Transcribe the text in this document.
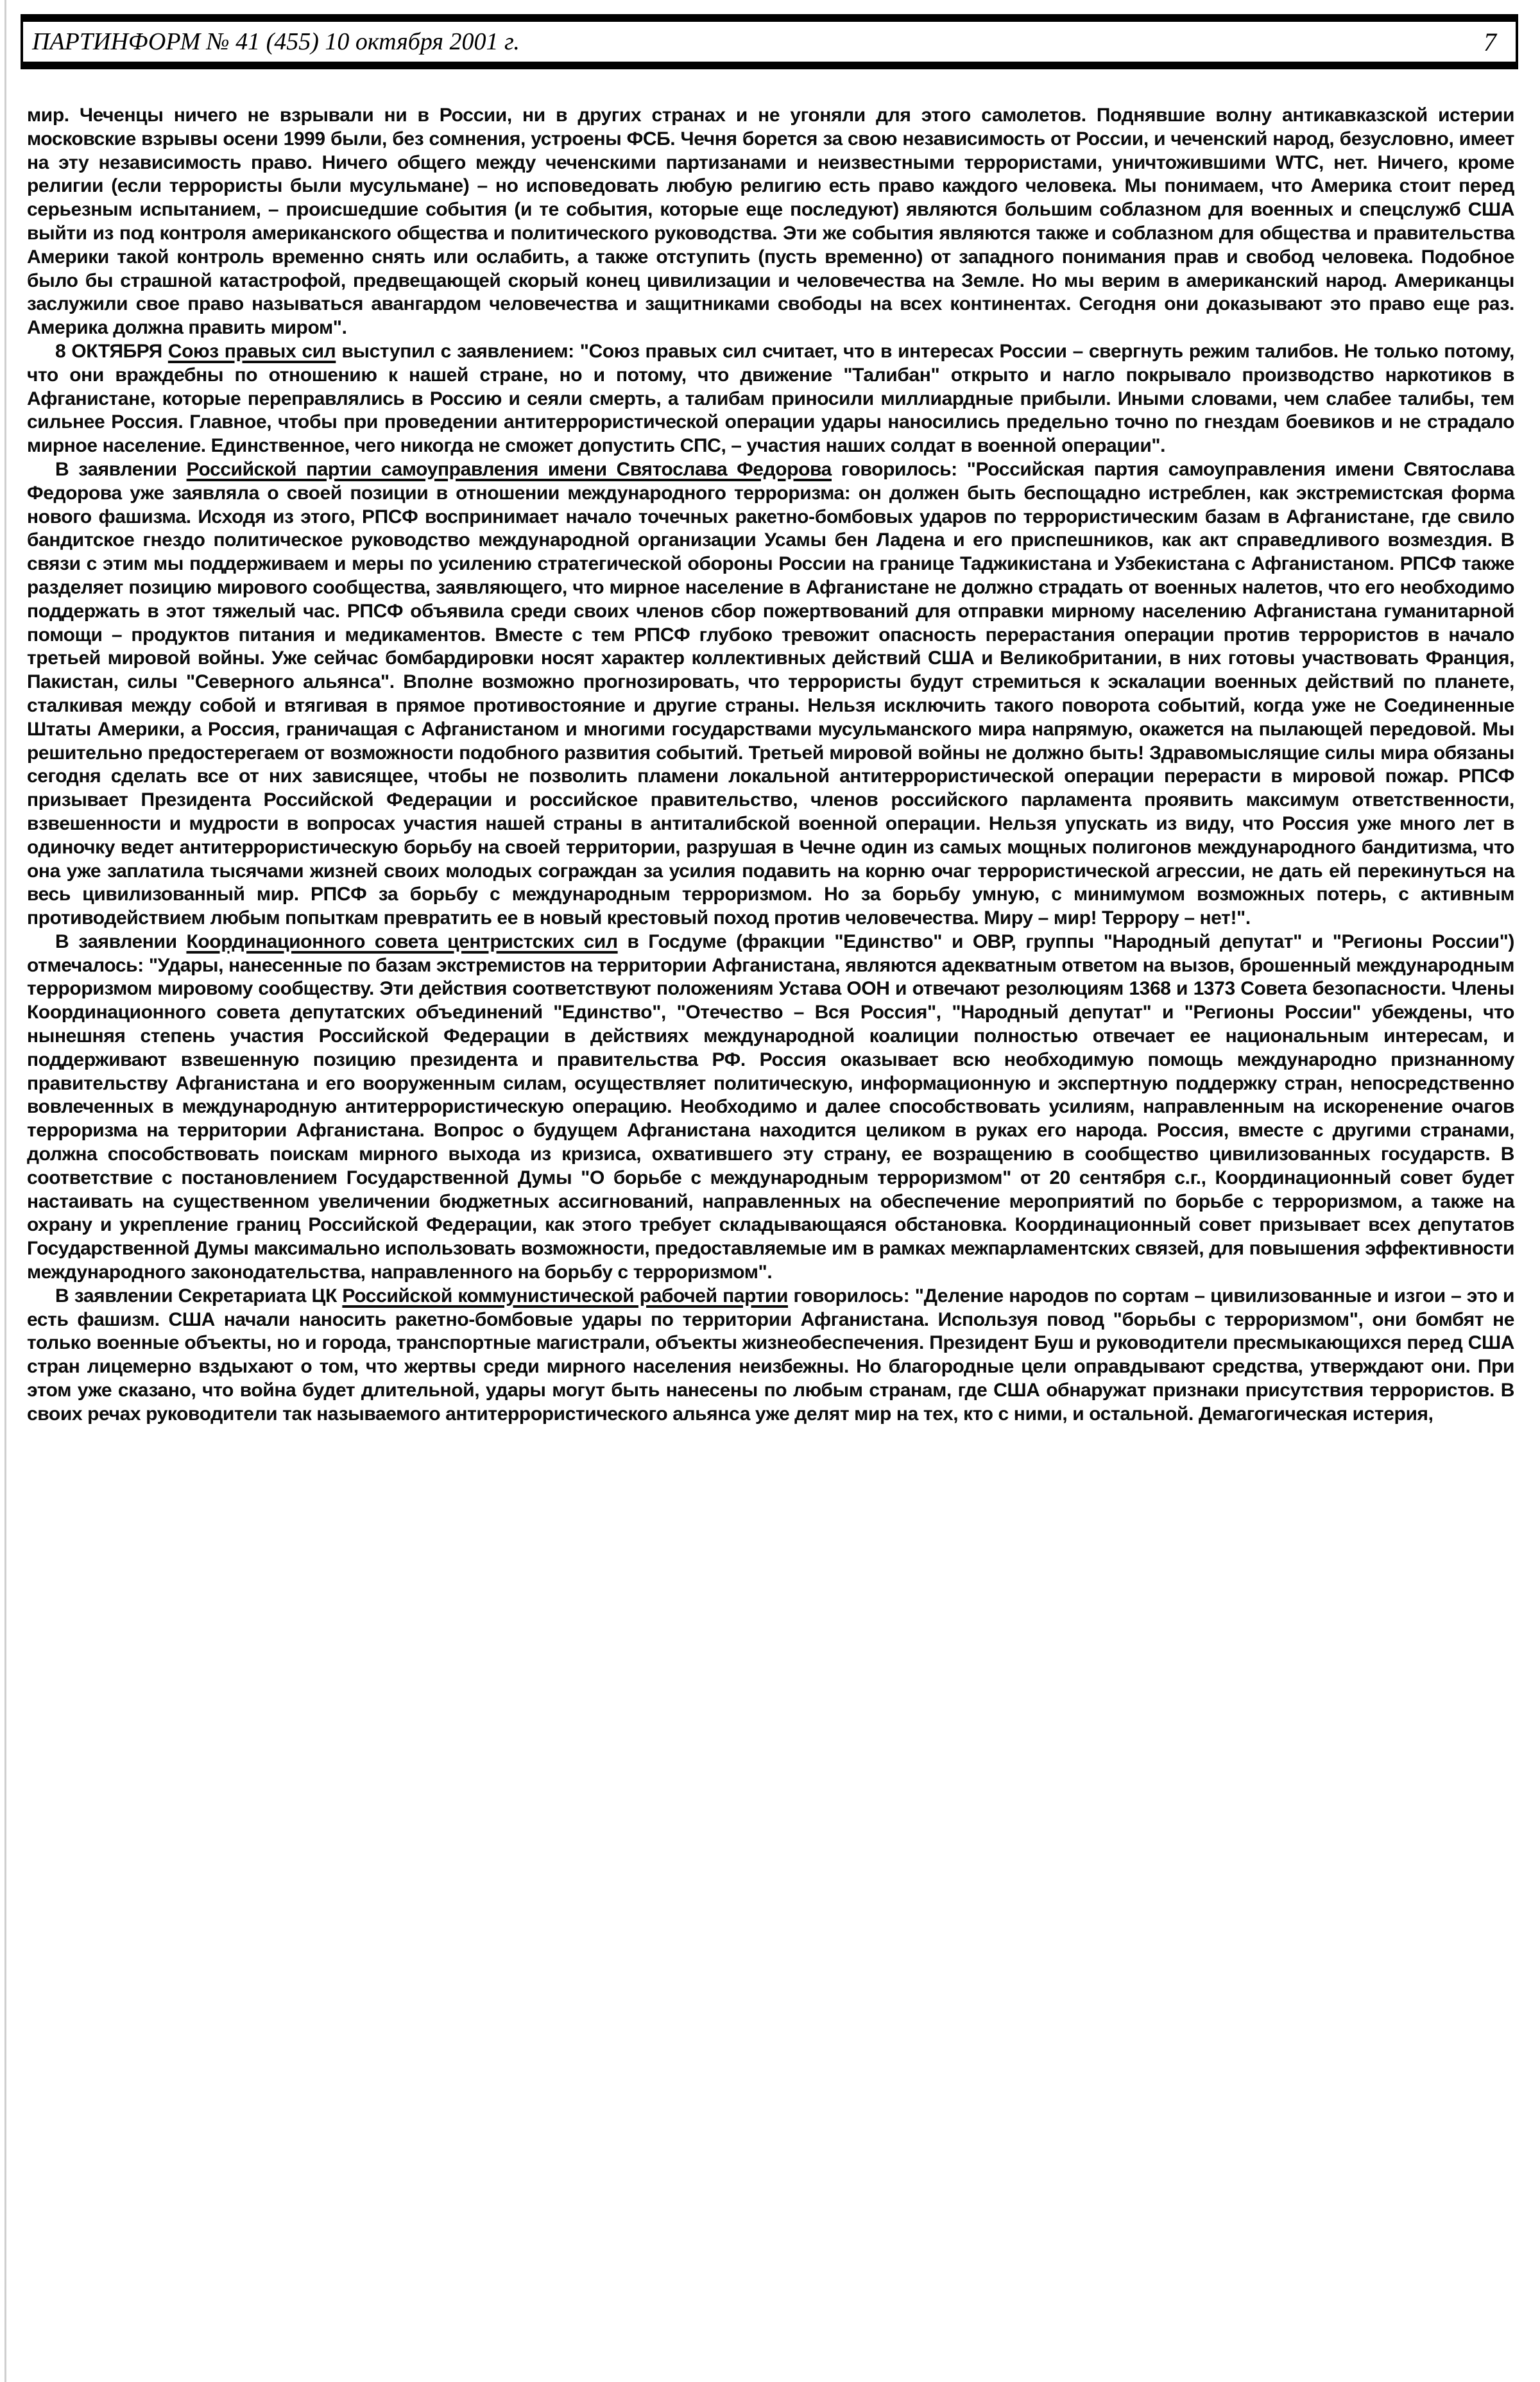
ПАРТИНФОРМ № 41 (455) 10 октября 2001 г.	7

мир. Чеченцы ничего не взрывали ни в России, ни в других странах и не угоняли для этого самолетов. Поднявшие волну антикавказской истерии московские взрывы осени 1999 были, без сомнения, устроены ФСБ. Чечня борется за свою независимость от России, и чеченский народ, безусловно, имеет на эту независимость право. Ничего общего между чеченскими партизанами и неизвестными террористами, уничтожившими WTC, нет. Ничего, кроме религии (если террористы были мусульмане) – но исповедовать любую религию есть право каждого человека. Мы понимаем, что Америка стоит перед серьезным испытанием, – происшедшие события (и те события, которые еще последуют) являются большим соблазном для военных и спецслужб США выйти из под контроля американского общества и политического руководства. Эти же события являются также и соблазном для общества и правительства Америки такой контроль временно снять или ослабить, а также отступить (пусть временно) от западного понимания прав и свобод человека. Подобное было бы страшной катастрофой, предвещающей скорый конец цивилизации и человечества на Земле. Но мы верим в американский народ. Американцы заслужили свое право называться авангардом человечества и защитниками свободы на всех континентах. Сегодня они доказывают это право еще раз. Америка должна править миром".

8 ОКТЯБРЯ Союз правых сил выступил с заявлением: "Союз правых сил считает, что в интересах России – свергнуть режим талибов. Не только потому, что они враждебны по отношению к нашей стране, но и потому, что движение "Талибан" открыто и нагло покрывало производство наркотиков в Афганистане, которые переправлялись в Россию и сеяли смерть, а талибам приносили миллиардные прибыли. Иными словами, чем слабее талибы, тем сильнее Россия. Главное, чтобы при проведении антитеррористической операции удары наносились предельно точно по гнездам боевиков и не страдало мирное население. Единственное, чего никогда не сможет допустить СПС, – участия наших солдат в военной операции".

В заявлении Российской партии самоуправления имени Святослава Федорова говорилось: "Российская партия самоуправления имени Святослава Федорова уже заявляла о своей позиции в отношении международного терроризма: он должен быть беспощадно истреблен, как экстремистская форма нового фашизма. Исходя из этого, РПСФ воспринимает начало точечных ракетно-бомбовых ударов по террористическим базам в Афганистане, где свило бандитское гнездо политическое руководство международной организации Усамы бен Ладена и его приспешников, как акт справедливого возмездия. В связи с этим мы поддерживаем и меры по усилению стратегической обороны России на границе Таджикистана и Узбекистана с Афганистаном. РПСФ также разделяет позицию мирового сообщества, заявляющего, что мирное население в Афганистане не должно страдать от военных налетов, что его необходимо поддержать в этот тяжелый час. РПСФ объявила среди своих членов сбор пожертвований для отправки мирному населению Афганистана гуманитарной помощи – продуктов питания и медикаментов. Вместе с тем РПСФ глубоко тревожит опасность перерастания операции против террористов в начало третьей мировой войны. Уже сейчас бомбардировки носят характер коллективных действий США и Великобритании, в них готовы участвовать Франция, Пакистан, силы "Северного альянса". Вполне возможно прогнозировать, что террористы будут стремиться к эскалации военных действий по планете, сталкивая между собой и втягивая в прямое противостояние и другие страны. Нельзя исключить такого поворота событий, когда уже не Соединенные Штаты Америки, а Россия, граничащая с Афганистаном и многими государствами мусульманского мира напрямую, окажется на пылающей передовой. Мы решительно предостерегаем от возможности подобного развития событий. Третьей мировой войны не должно быть! Здравомыслящие силы мира обязаны сегодня сделать все от них зависящее, чтобы не позволить пламени локальной антитеррористической операции перерасти в мировой пожар. РПСФ призывает Президента Российской Федерации и российское правительство, членов российского парламента проявить максимум ответственности, взвешенности и мудрости в вопросах участия нашей страны в антиталибской военной операции. Нельзя упускать из виду, что Россия уже много лет в одиночку ведет антитеррористическую борьбу на своей территории, разрушая в Чечне один из самых мощных полигонов международного бандитизма, что она уже заплатила тысячами жизней своих молодых сограждан за усилия подавить на корню очаг террористической агрессии, не дать ей перекинуться на весь цивилизованный мир. РПСФ за борьбу с международным терроризмом. Но за борьбу умную, с минимумом возможных потерь, с активным противодействием любым попыткам превратить ее в новый крестовый поход против человечества. Миру – мир! Террору – нет!".

В заявлении Координационного совета центристских сил в Госдуме (фракции "Единство" и ОВР, группы "Народный депутат" и "Регионы России") отмечалось: "Удары, нанесенные по базам экстремистов на территории Афганистана, являются адекватным ответом на вызов, брошенный международным терроризмом мировому сообществу. Эти действия соответствуют положениям Устава ООН и отвечают резолюциям 1368 и 1373 Совета безопасности. Члены Координационного совета депутатских объединений "Единство", "Отечество – Вся Россия", "Народный депутат" и "Регионы России" убеждены, что нынешняя степень участия Российской Федерации в действиях международной коалиции полностью отвечает ее национальным интересам, и поддерживают взвешенную позицию президента и правительства РФ. Россия оказывает всю необходимую помощь международно признанному правительству Афганистана и его вооруженным силам, осуществляет политическую, информационную и экспертную поддержку стран, непосредственно вовлеченных в международную антитеррористическую операцию. Необходимо и далее способствовать усилиям, направленным на искоренение очагов терроризма на территории Афганистана. Вопрос о будущем Афганистана находится целиком в руках его народа. Россия, вместе с другими странами, должна способствовать поискам мирного выхода из кризиса, охватившего эту страну, ее возращению в сообщество цивилизованных государств. В соответствие с постановлением Государственной Думы "О борьбе с международным терроризмом" от 20 сентября с.г., Координационный совет будет настаивать на существенном увеличении бюджетных ассигнований, направленных на обеспечение мероприятий по борьбе с терроризмом, а также на охрану и укрепление границ Российской Федерации, как этого требует складывающаяся обстановка. Координационный совет призывает всех депутатов Государственной Думы максимально использовать возможности, предоставляемые им в рамках межпарламентских связей, для повышения эффективности международного законодательства, направленного на борьбу с терроризмом".

В заявлении Секретариата ЦК Российской коммунистической рабочей партии говорилось: "Деление народов по сортам – цивилизованные и изгои – это и есть фашизм. США начали наносить ракетно-бомбовые удары по территории Афганистана. Используя повод "борьбы с терроризмом", они бомбят не только военные объекты, но и города, транспортные магистрали, объекты жизнеобеспечения. Президент Буш и руководители пресмыкающихся перед США стран лицемерно вздыхают о том, что жертвы среди мирного населения неизбежны. Но благородные цели оправдывают средства, утверждают они. При этом уже сказано, что война будет длительной, удары могут быть нанесены по любым странам, где США обнаружат признаки присутствия террористов. В своих речах руководители так называемого антитеррористического альянса уже делят мир на тех, кто с ними, и остальной. Демагогическая истерия,
